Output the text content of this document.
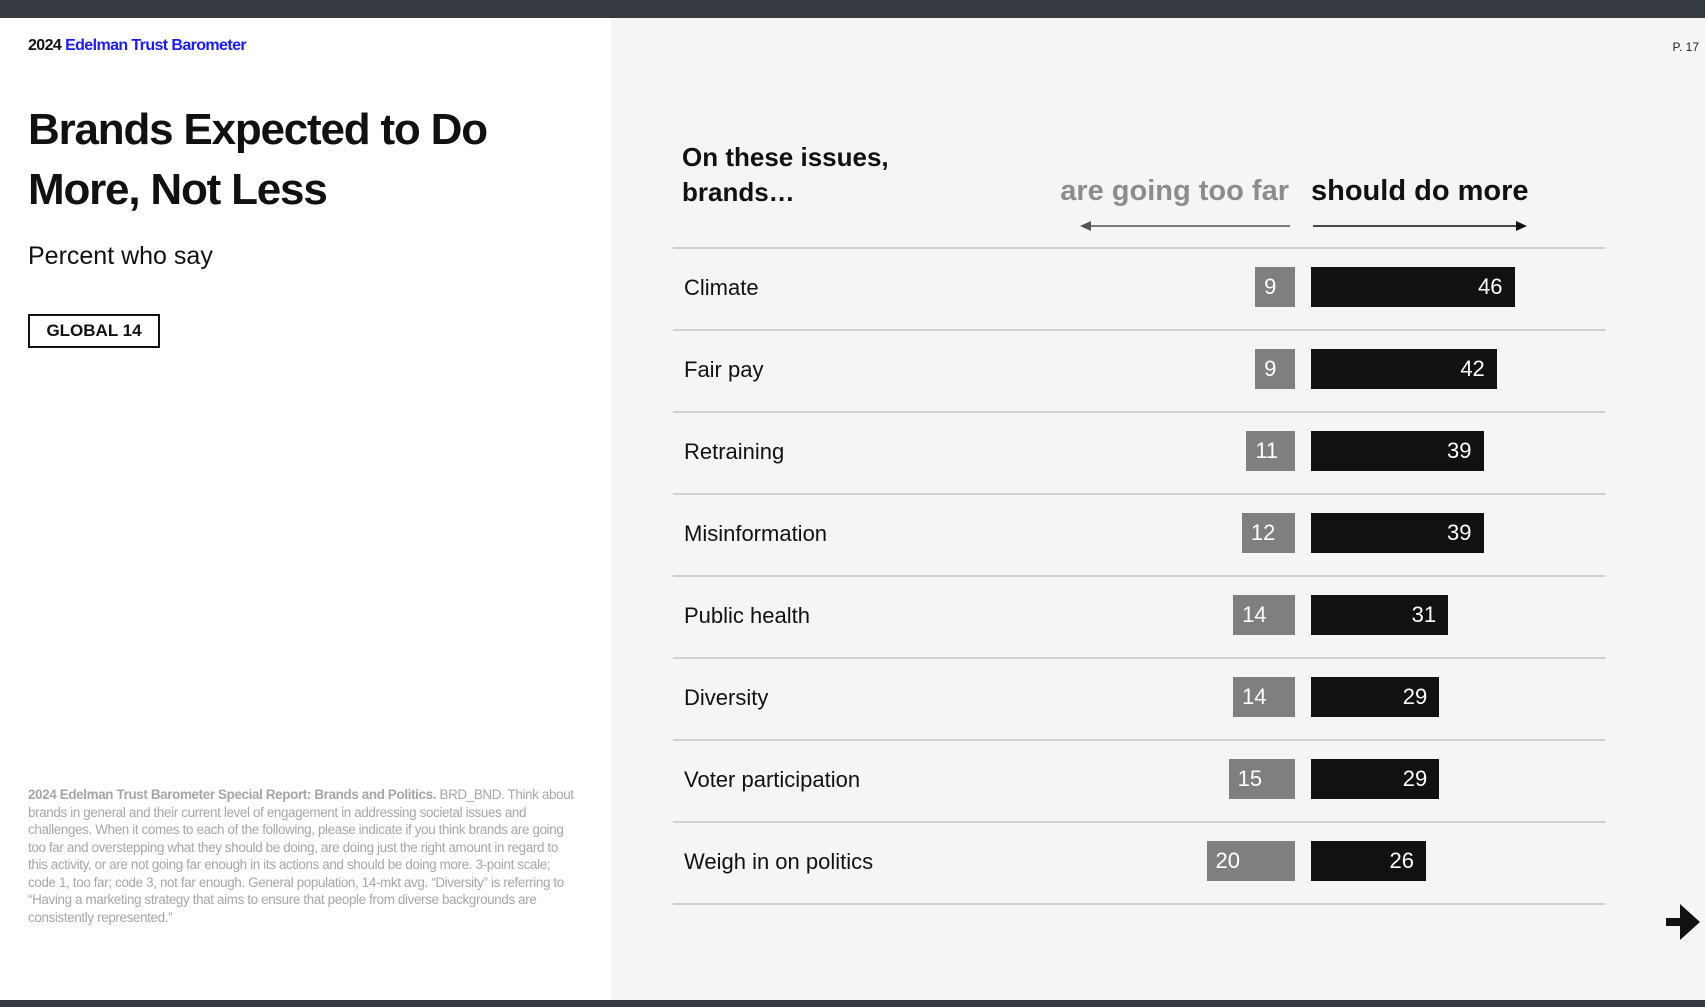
2024 Edelman Trust Barometer	P. 17
Brands Expected to Do More, Not Less
Percent who say
GLOBAL 14
2024 Edelman Trust Barometer Special Report: Brands and Politics. BRD_BND. Think about brands in general and their current level of engagement in addressing societal issues and challenges. When it comes to each of the following, please indicate if you think brands are going too far and overstepping what they should be doing, are doing just the right amount in regard to this activity, or are not going far enough in its actions and should be doing more. 3-point scale; code 1, too far; code 3, not far enough. General population, 14-mkt avg. “Diversity” is referring to “Having a marketing strategy that aims to ensure that people from diverse backgrounds are consistently represented.”
On these issues, brands…	are going too far should do more
Climate	9	46
Fair pay	9	42
Retraining	11	39
Misinformation	12	39
Public health	14	31
Diversity	14	29
Voter participation	15	29
Weigh in on politics	20	26
